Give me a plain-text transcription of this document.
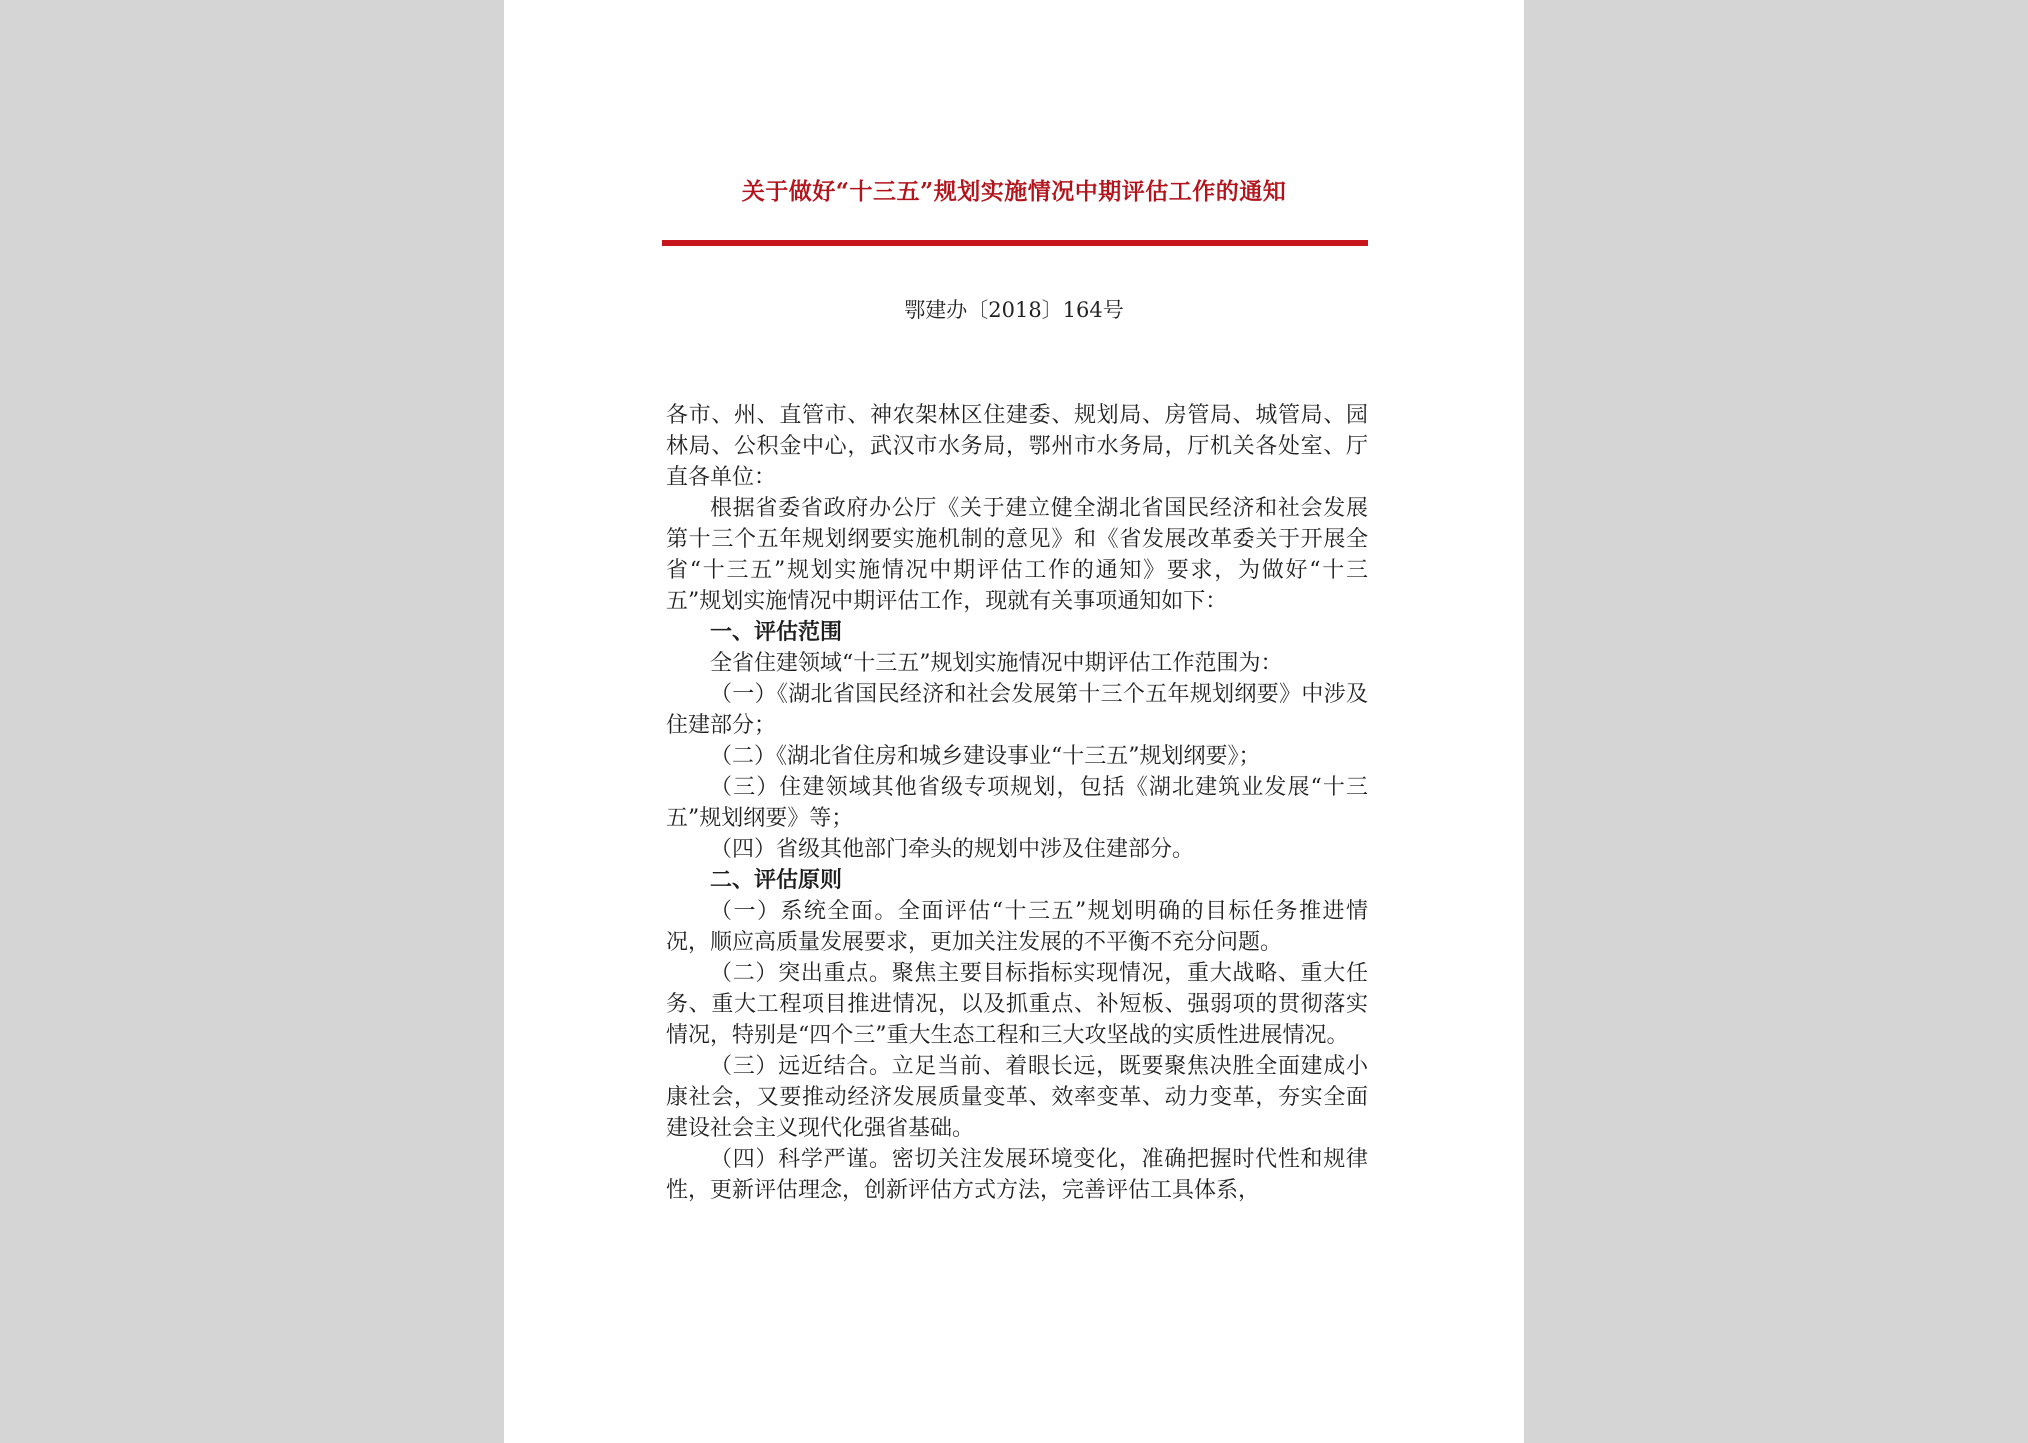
关于做好“十三五”规划实施情况中期评估工作的通知
鄂建办〔2018〕164号

各市、州、直管市、神农架林区住建委、规划局、房管局、城管局、园林局、公积金中心，武汉市水务局，鄂州市水务局，厅机关各处室、厅直各单位：

根据省委省政府办公厅《关于建立健全湖北省国民经济和社会发展第十三个五年规划纲要实施机制的意见》和《省发展改革委关于开展全省“十三五”规划实施情况中期评估工作的通知》要求，为做好“十三五”规划实施情况中期评估工作，现就有关事项通知如下：

一、评估范围

全省住建领域“十三五”规划实施情况中期评估工作范围为：

（一）《湖北省国民经济和社会发展第十三个五年规划纲要》中涉及住建部分；

（二）《湖北省住房和城乡建设事业“十三五”规划纲要》；

（三）住建领域其他省级专项规划，包括《湖北建筑业发展“十三五”规划纲要》等；

（四）省级其他部门牵头的规划中涉及住建部分。

二、评估原则

（一）系统全面。全面评估“十三五”规划明确的目标任务推进情况，顺应高质量发展要求，更加关注发展的不平衡不充分问题。

（二）突出重点。聚焦主要目标指标实现情况，重大战略、重大任务、重大工程项目推进情况，以及抓重点、补短板、强弱项的贯彻落实情况，特别是“四个三”重大生态工程和三大攻坚战的实质性进展情况。

（三）远近结合。立足当前、着眼长远，既要聚焦决胜全面建成小康社会，又要推动经济发展质量变革、效率变革、动力变革，夯实全面建设社会主义现代化强省基础。

（四）科学严谨。密切关注发展环境变化，准确把握时代性和规律性，更新评估理念，创新评估方式方法，完善评估工具体系，
